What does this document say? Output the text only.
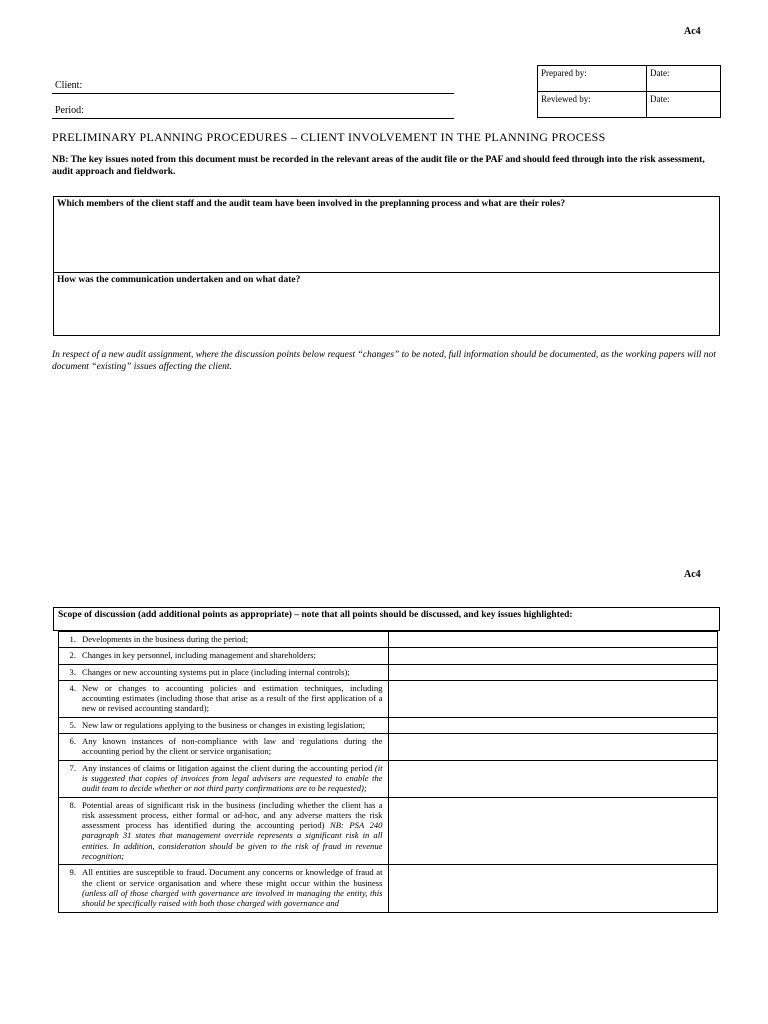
Ac4
Client:
Period:
Prepared by:	Date:
Reviewed by:	Date:
PRELIMINARY PLANNING PROCEDURES – CLIENT INVOLVEMENT IN THE PLANNING PROCESS
NB: The key issues noted from this document must be recorded in the relevant areas of the audit file or the PAF and should feed through into the risk assessment, audit approach and fieldwork.
Which members of the client staff and the audit team have been involved in the preplanning process and what are their roles?
How was the communication undertaken and on what date?
In respect of a new audit assignment, where the discussion points below request “changes” to be noted, full information should be documented, as the working papers will not document “existing” issues affecting the client.
Ac4
Scope of discussion (add additional points as appropriate) – note that all points should be discussed, and key issues highlighted:
1. Developments in the business during the period;	

2. Changes in key personnel, including management and shareholders;	

3. Changes or new accounting systems put in place (including internal controls);	

4. New or changes to accounting policies and estimation techniques, including accounting estimates (including those that arise as a result of the first application of a new or revised accounting standard);	

5. New law or regulations applying to the business or changes in existing legislation;	

6. Any known instances of non-compliance with law and regulations during the accounting period by the client or service organisation;	

7. Any instances of claims or litigation against the client during the accounting period (it is suggested that copies of invoices from legal advisers are requested to enable the audit team to decide whether or not third party confirmations are to be requested);	

8. Potential areas of significant risk in the business (including whether the client has a risk assessment process, either formal or ad-hoc, and any adverse matters the risk assessment process has identified during the accounting period) NB: PSA 240 paragraph 31 states that management override represents a significant risk in all entities. In addition, consideration should be given to the risk of fraud in revenue recognition;	

9. All entities are susceptible to fraud. Document any concerns or knowledge of fraud at the client or service organisation and where these might occur within the business (unless all of those charged with governance are involved in managing the entity, this should be specifically raised with both those charged with governance and	
